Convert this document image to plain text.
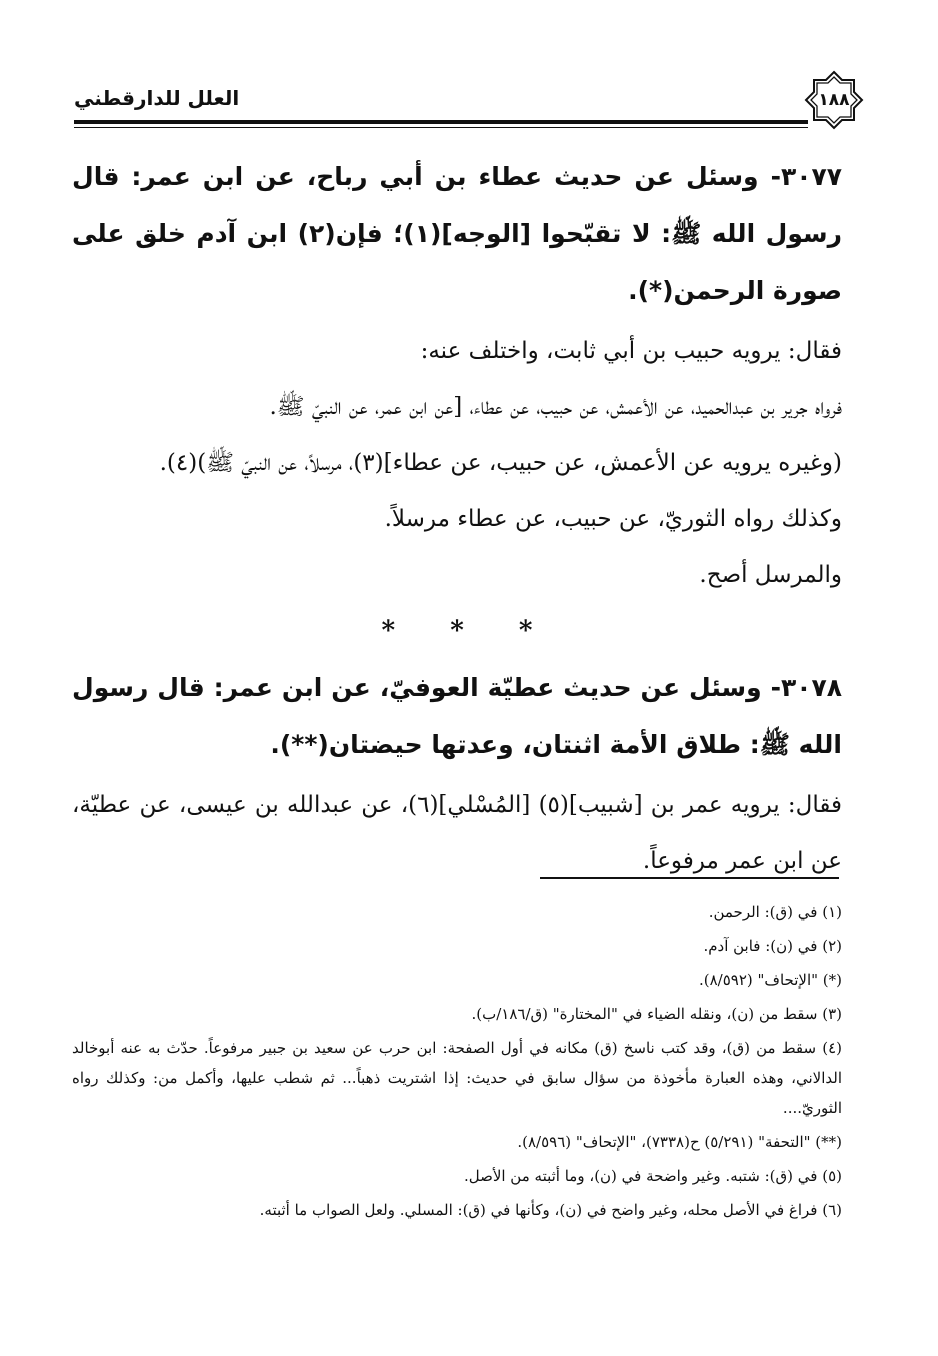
العلل للدارقطني	١٨٨

٣٠٧٧- وسئل عن حديث عطاء بن أبي رباح، عن ابن عمر: قال رسول الله ﷺ: لا تقبّحوا [الوجه](١)؛ فإن(٢) ابن آدم خلق على صورة الرحمن(*).

فقال: يرويه حبيب بن أبي ثابت، واختلف عنه:

فرواه جرير بن عبدالحميد، عن الأعمش، عن حبيب، عن عطاء، [عن ابن عمر، عن النبيّ ﷺ.

(وغيره يرويه عن الأعمش، عن حبيب، عن عطاء](٣)، مرسلاً، عن النبيّ ﷺ)(٤).

وكذلك رواه الثوريّ، عن حبيب، عن عطاء مرسلاً.

والمرسل أصح.

* * *

٣٠٧٨- وسئل عن حديث عطيّة العوفيّ، عن ابن عمر: قال رسول الله ﷺ: طلاق الأمة اثنتان، وعدتها حيضتان(**).

فقال: يرويه عمر بن [شبيب](٥) [المُسْلي](٦)، عن عبدالله بن عيسى، عن عطيّة، عن ابن عمر مرفوعاً.

(١) في (ق): الرحمن.

(٢) في (ن): فابن آدم.

(*) "الإتحاف" (٨/٥٩٢).

(٣) سقط من (ن)، ونقله الضياء في "المختارة" (ق/١٨٦/ب).

(٤) سقط من (ق)، وقد كتب ناسخ (ق) مكانه في أول الصفحة: ابن حرب عن سعيد بن جبير مرفوعاً. حدّث به عنه أبوخالد الدالاني، وهذه العبارة مأخوذة من سؤال سابق في حديث: إذا اشتريت ذهباً... ثم شطب عليها، وأكمل من: وكذلك رواه الثوريّ....

(**) "التحفة" (٥/٢٩١) ح(٧٣٣٨)، "الإتحاف" (٨/٥٩٦).

(٥) في (ق): شتبه. وغير واضحة في (ن)، وما أثبته من الأصل.

(٦) فراغ في الأصل محله، وغير واضح في (ن)، وكأنها في (ق): المسلي. ولعل الصواب ما أثبته.
